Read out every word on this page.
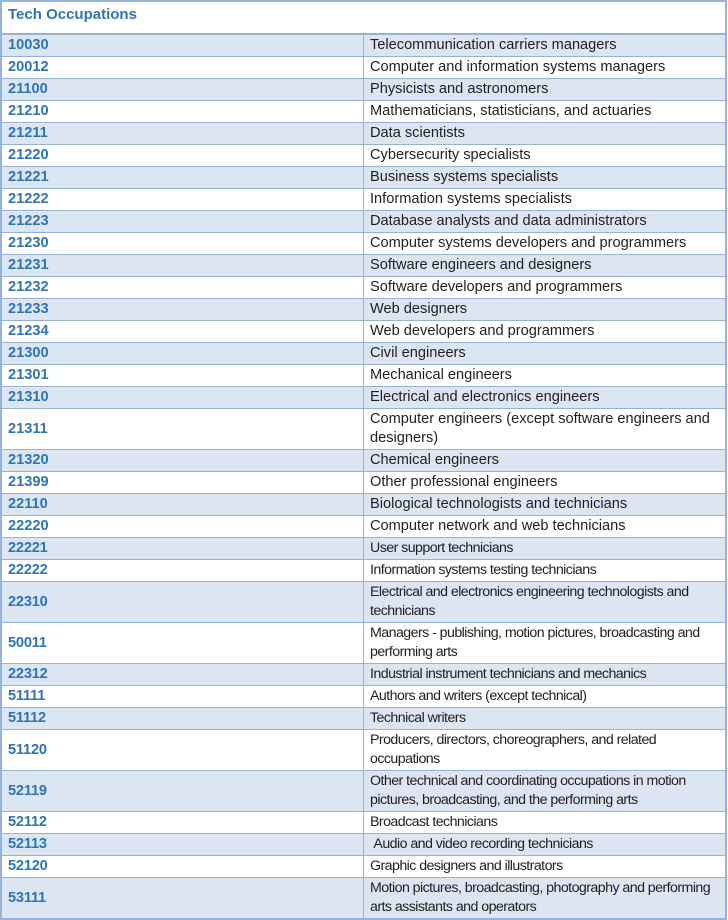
Tech Occupations	
10030	Telecommunication carriers managers
20012	Computer and information systems managers
21100	Physicists and astronomers
21210	Mathematicians, statisticians, and actuaries
21211	Data scientists
21220	Cybersecurity specialists
21221	Business systems specialists
21222	Information systems specialists
21223	Database analysts and data administrators
21230	Computer systems developers and programmers
21231	Software engineers and designers
21232	Software developers and programmers
21233	Web designers
21234	Web developers and programmers
21300	Civil engineers
21301	Mechanical engineers
21310	Electrical and electronics engineers
21311	Computer engineers (except software engineers and designers)
21320	Chemical engineers
21399	Other professional engineers
22110	Biological technologists and technicians
22220	Computer network and web technicians
22221	User support technicians
22222	Information systems testing technicians
22310	Electrical and electronics engineering technologists and technicians
50011	Managers - publishing, motion pictures, broadcasting and performing arts
22312	Industrial instrument technicians and mechanics
51111	Authors and writers (except technical)
51112	Technical writers
51120	Producers, directors, choreographers, and related occupations
52119	Other technical and coordinating occupations in motion pictures, broadcasting, and the performing arts
52112	Broadcast technicians
52113	Audio and video recording technicians
52120	Graphic designers and illustrators
53111	Motion pictures, broadcasting, photography and performing arts assistants and operators
